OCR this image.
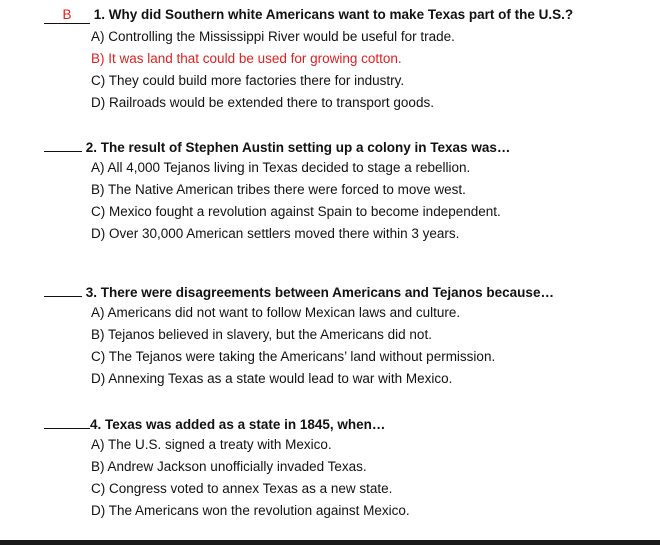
B 1. Why did Southern white Americans want to make Texas part of the U.S.?
A) Controlling the Mississippi River would be useful for trade.
B) It was land that could be used for growing cotton.
C) They could build more factories there for industry.
D) Railroads would be extended there to transport goods.
2. The result of Stephen Austin setting up a colony in Texas was…
A) All 4,000 Tejanos living in Texas decided to stage a rebellion.
B) The Native American tribes there were forced to move west.
C) Mexico fought a revolution against Spain to become independent.
D) Over 30,000 American settlers moved there within 3 years.
3. There were disagreements between Americans and Tejanos because…
A) Americans did not want to follow Mexican laws and culture.
B) Tejanos believed in slavery, but the Americans did not.
C) The Tejanos were taking the Americans’ land without permission.
D) Annexing Texas as a state would lead to war with Mexico.
4. Texas was added as a state in 1845, when…
A) The U.S. signed a treaty with Mexico.
B) Andrew Jackson unofficially invaded Texas.
C) Congress voted to annex Texas as a new state.
D) The Americans won the revolution against Mexico.
